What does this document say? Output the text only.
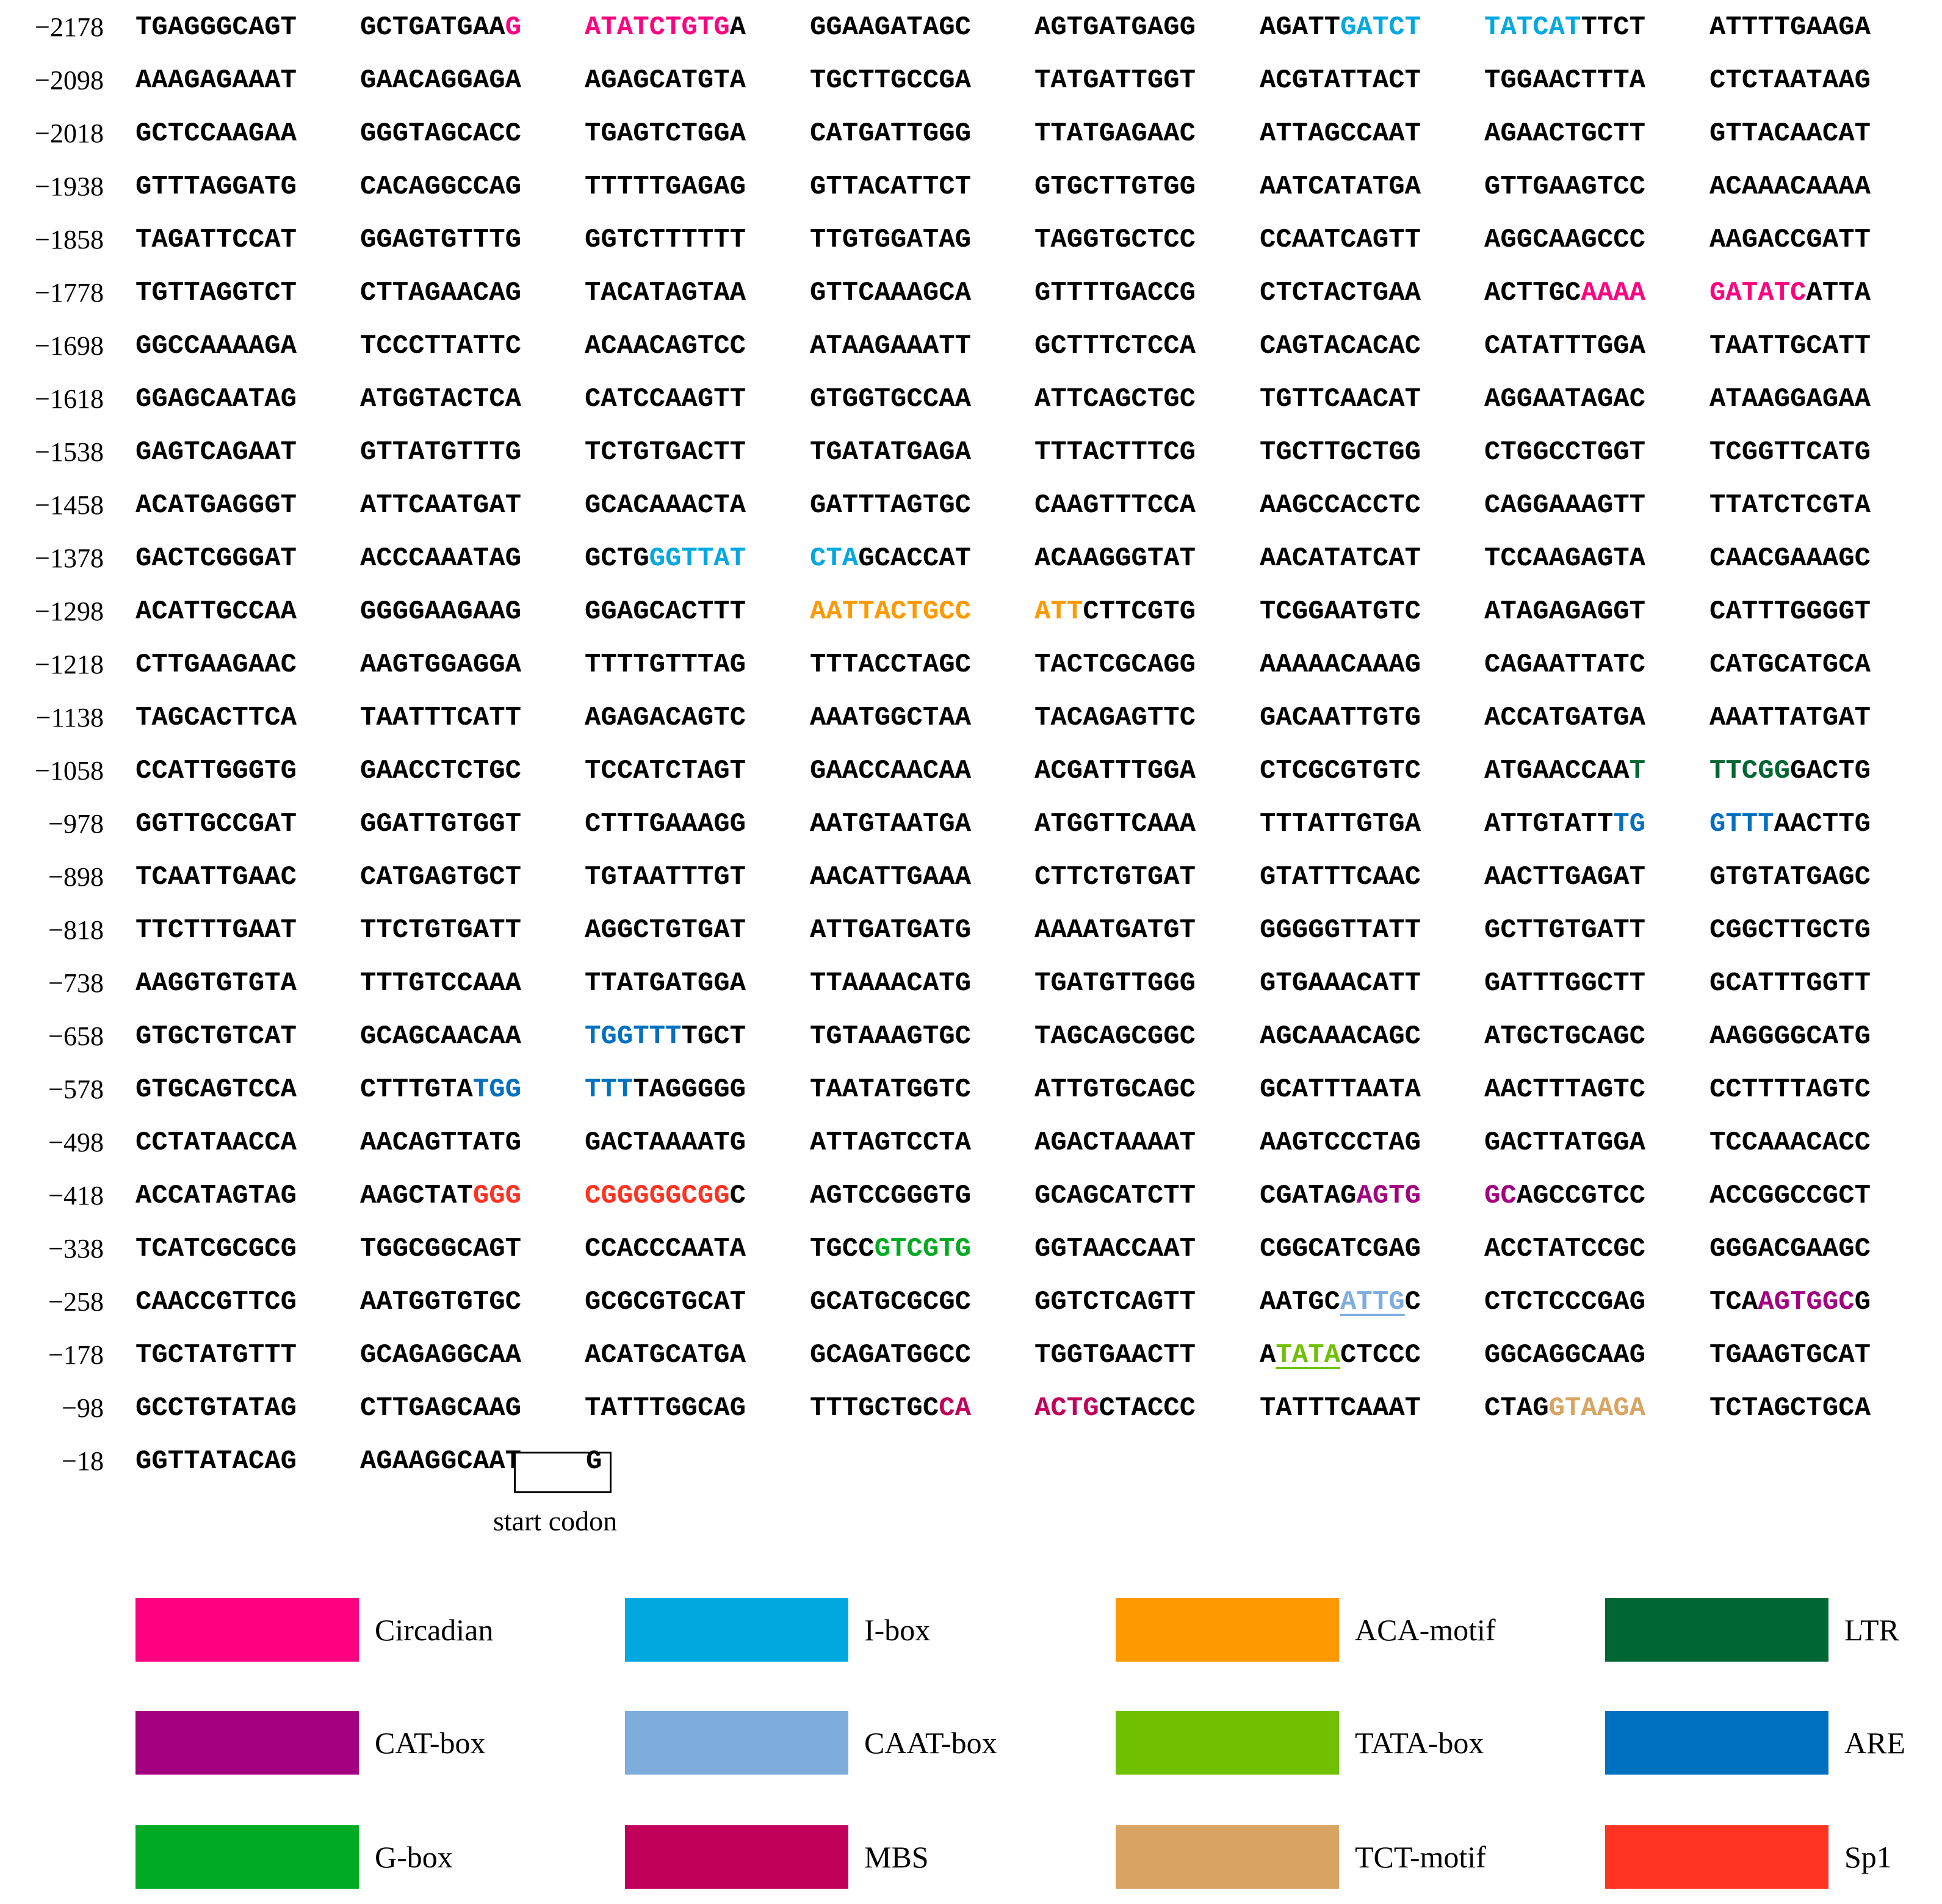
−2178 TGAGGGCAGT GCTGATGAAG ATATCTGTGA GGAAGATAGC AGTGATGAGG AGATTGATCT TATCATTTCT ATTTTGAAGA
−2098 AAAGAGAAAT GAACAGGAGA AGAGCATGTA TGCTTGCCGA TATGATTGGT ACGTATTACT TGGAACTTTA CTCTAATAAG
−2018 GCTCCAAGAA GGGTAGCACC TGAGTCTGGA CATGATTGGG TTATGAGAAC ATTAGCCAAT AGAACTGCTT GTTACAACAT
−1938 GTTTAGGATG CACAGGCCAG TTTTTGAGAG GTTACATTCT GTGCTTGTGG AATCATATGA GTTGAAGTCC ACAAACAAAA
−1858 TAGATTCCAT GGAGTGTTTG GGTCTTTTTT TTGTGGATAG TAGGTGCTCC CCAATCAGTT AGGCAAGCCC AAGACCGATT
−1778 TGTTAGGTCT CTTAGAACAG TACATAGTAA GTTCAAAGCA GTTTTGACCG CTCTACTGAA ACTTGCAAAA GATATCATTA
−1698 GGCCAAAAGA TCCCTTATTC ACAACAGTCC ATAAGAAATT GCTTTCTCCA CAGTACACAC CATATTTGGA TAATTGCATT
−1618 GGAGCAATAG ATGGTACTCA CATCCAAGTT GTGGTGCCAA ATTCAGCTGC TGTTCAACAT AGGAATAGAC ATAAGGAGAA
−1538 GAGTCAGAAT GTTATGTTTG TCTGTGACTT TGATATGAGA TTTACTTTCG TGCTTGCTGG CTGGCCTGGT TCGGTTCATG
−1458 ACATGAGGGT ATTCAATGAT GCACAAACTA GATTTAGTGC CAAGTTTCCA AAGCCACCTC CAGGAAAGTT TTATCTCGTA
−1378 GACTCGGGAT ACCCAAATAG GCTGGGTTAT CTAGCACCAT ACAAGGGTAT AACATATCAT TCCAAGAGTA CAACGAAAGC
−1298 ACATTGCCAA GGGGAAGAAG GGAGCACTTT AATTACTGCC ATTCTTCGTG TCGGAATGTC ATAGAGAGGT CATTTGGGGT
−1218 CTTGAAGAAC AAGTGGAGGA TTTTGTTTAG TTTACCTAGC TACTCGCAGG AAAAACAAAG CAGAATTATC CATGCATGCA
−1138 TAGCACTTCA TAATTTCATT AGAGACAGTC AAATGGCTAA TACAGAGTTC GACAATTGTG ACCATGATGA AAATTATGAT
−1058 CCATTGGGTG GAACCTCTGC TCCATCTAGT GAACCAACAA ACGATTTGGA CTCGCGTGTC ATGAACCAAT TTCGGGACTG
−978 GGTTGCCGAT GGATTGTGGT CTTTGAAAGG AATGTAATGA ATGGTTCAAA TTTATTGTGA ATTGTATTTG GTTTAACTTG
−898 TCAATTGAAC CATGAGTGCT TGTAATTTGT AACATTGAAA CTTCTGTGAT GTATTTCAAC AACTTGAGAT GTGTATGAGC
−818 TTCTTTGAAT TTCTGTGATT AGGCTGTGAT ATTGATGATG AAAATGATGT GGGGGTTATT GCTTGTGATT CGGCTTGCTG
−738 AAGGTGTGTA TTTGTCCAAA TTATGATGGA TTAAAACATG TGATGTTGGG GTGAAACATT GATTTGGCTT GCATTTGGTT
−658 GTGCTGTCAT GCAGCAACAA TGGTTTTGCT TGTAAAGTGC TAGCAGCGGC AGCAAACAGC ATGCTGCAGC AAGGGGCATG
−578 GTGCAGTCCA CTTTGTATGG TTTTAGGGGG TAATATGGTC ATTGTGCAGC GCATTTAATA AACTTTAGTC CCTTTTAGTC
−498 CCTATAACCA AACAGTTATG GACTAAAATG ATTAGTCCTA AGACTAAAAT AAGTCCCTAG GACTTATGGA TCCAAACACC
−418 ACCATAGTAG AAGCTATGGG CGGGGGCGGC AGTCCGGGTG GCAGCATCTT CGATAGAGTG GCAGCCGTCC ACCGGCCGCT
−338 TCATCGCGCG TGGCGGCAGT CCACCCAATA TGCCGTCGTG GGTAACCAAT CGGCATCGAG ACCTATCCGC GGGACGAAGC
−258 CAACCGTTCG AATGGTGTGC GCGCGTGCAT GCATGCGCGC GGTCTCAGTT AATGCATTGC CTCTCCCGAG TCAAGTGGCG
−178 TGCTATGTTT GCAGAGGCAA ACATGCATGA GCAGATGGCC TGGTGAACTT ATATACTCCC GGCAGGCAAG TGAAGTGCAT
−98 GCCTGTATAG CTTGAGCAAG TATTTGGCAG TTTGCTGCCA ACTGCTACCC TATTTCAAAT CTAGGTAAGA TCTAGCTGCA
−18 GGTTATACAG AGAAGGCAAT G
start codon
Circadian	I-box	ACA-motif	LTR
CAT-box	CAAT-box	TATA-box	ARE
G-box	MBS	TCT-motif	Sp1
